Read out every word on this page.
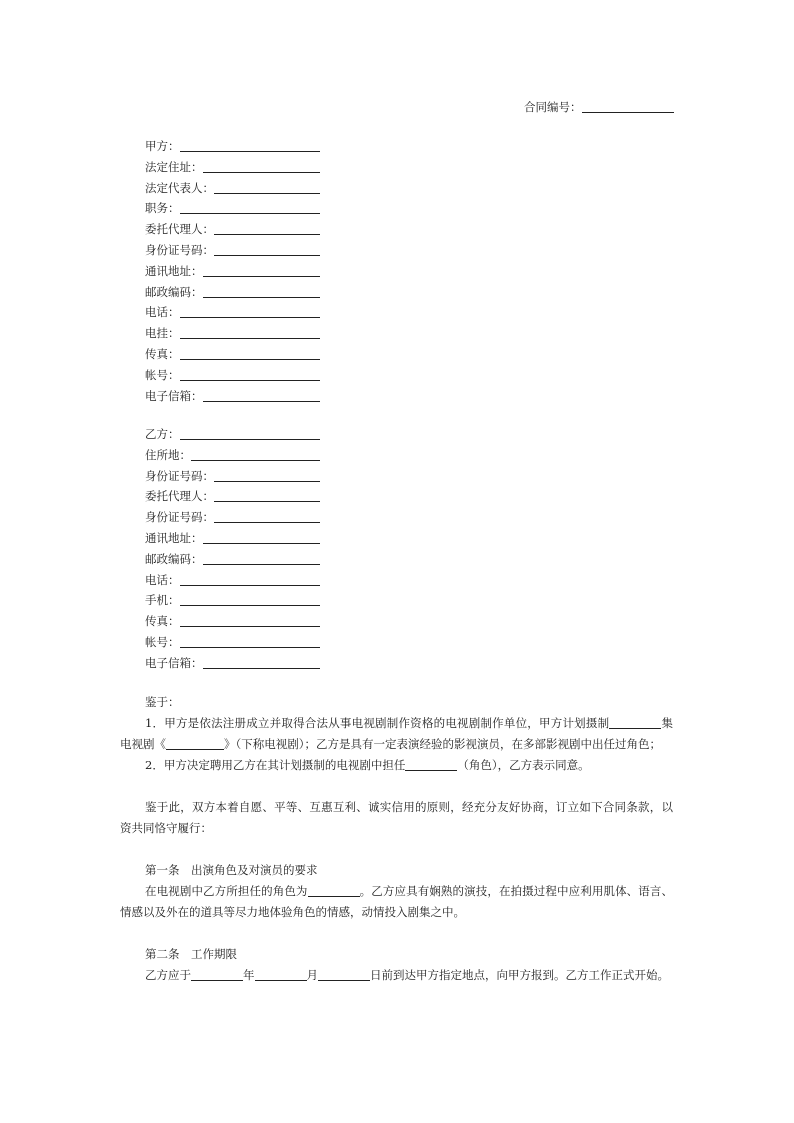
合同编号：
甲方：
法定住址：
法定代表人：
职务：
委托代理人：
身份证号码：
通讯地址：
邮政编码：
电话：
电挂：
传真：
帐号：
电子信箱：
乙方：
住所地：
身份证号码：
委托代理人：
身份证号码：
通讯地址：
邮政编码：
电话：
手机：
传真：
帐号：
电子信箱：

鉴于：

1．甲方是依法注册成立并取得合法从事电视剧制作资格的电视剧制作单位，甲方计划摄制	集电视剧《	》（下称电视剧）；乙方是具有一定表演经验的影视演员，在多部影视剧中出任过角色；

2．甲方决定聘用乙方在其计划摄制的电视剧中担任	（角色），乙方表示同意。

鉴于此，双方本着自愿、平等、互惠互利、诚实信用的原则，经充分友好协商，订立如下合同条款，以资共同恪守履行：

第一条　出演角色及对演员的要求

在电视剧中乙方所担任的角色为	。乙方应具有娴熟的演技，在拍摄过程中应利用肌体、语言、情感以及外在的道具等尽力地体验角色的情感，动情投入剧集之中。

第二条　工作期限

乙方应于	年	月	日前到达甲方指定地点，向甲方报到。乙方工作正式开始。
